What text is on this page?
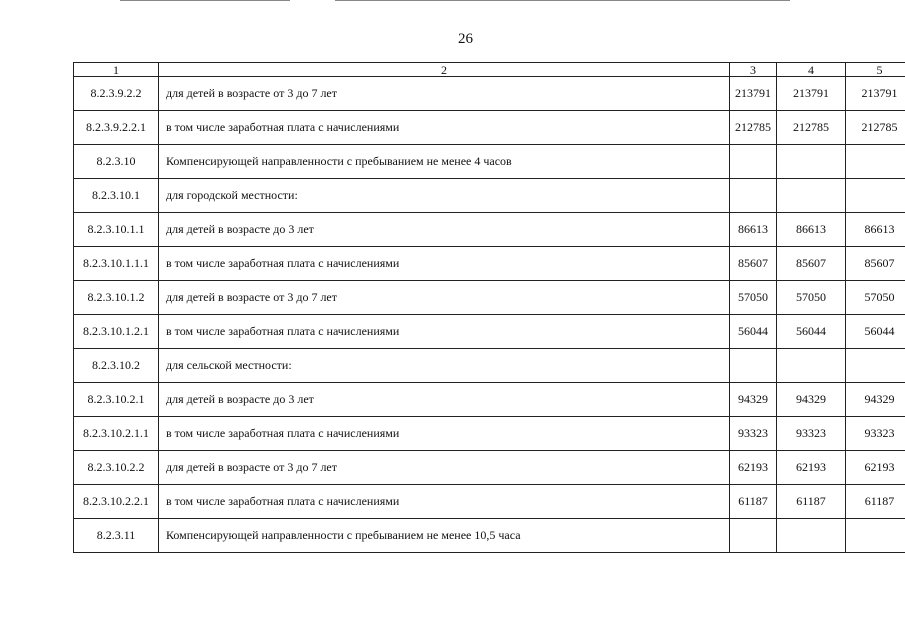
26
1	2	3	4	5
8.2.3.9.2.2	для детей в возрасте от 3 до 7 лет	213791	213791	213791
8.2.3.9.2.2.1	в том числе заработная плата с начислениями	212785	212785	212785
8.2.3.10	Компенсирующей направленности с пребыванием не менее 4 часов			
8.2.3.10.1	для городской местности:			
8.2.3.10.1.1	для детей в возрасте до 3 лет	86613	86613	86613
8.2.3.10.1.1.1	в том числе заработная плата с начислениями	85607	85607	85607
8.2.3.10.1.2	для детей в возрасте от 3 до 7 лет	57050	57050	57050
8.2.3.10.1.2.1	в том числе заработная плата с начислениями	56044	56044	56044
8.2.3.10.2	для сельской местности:			
8.2.3.10.2.1	для детей в возрасте до 3 лет	94329	94329	94329
8.2.3.10.2.1.1	в том числе заработная плата с начислениями	93323	93323	93323
8.2.3.10.2.2	для детей в возрасте от 3 до 7 лет	62193	62193	62193
8.2.3.10.2.2.1	в том числе заработная плата с начислениями	61187	61187	61187
8.2.3.11	Компенсирующей направленности с пребыванием не менее 10,5 часа			
